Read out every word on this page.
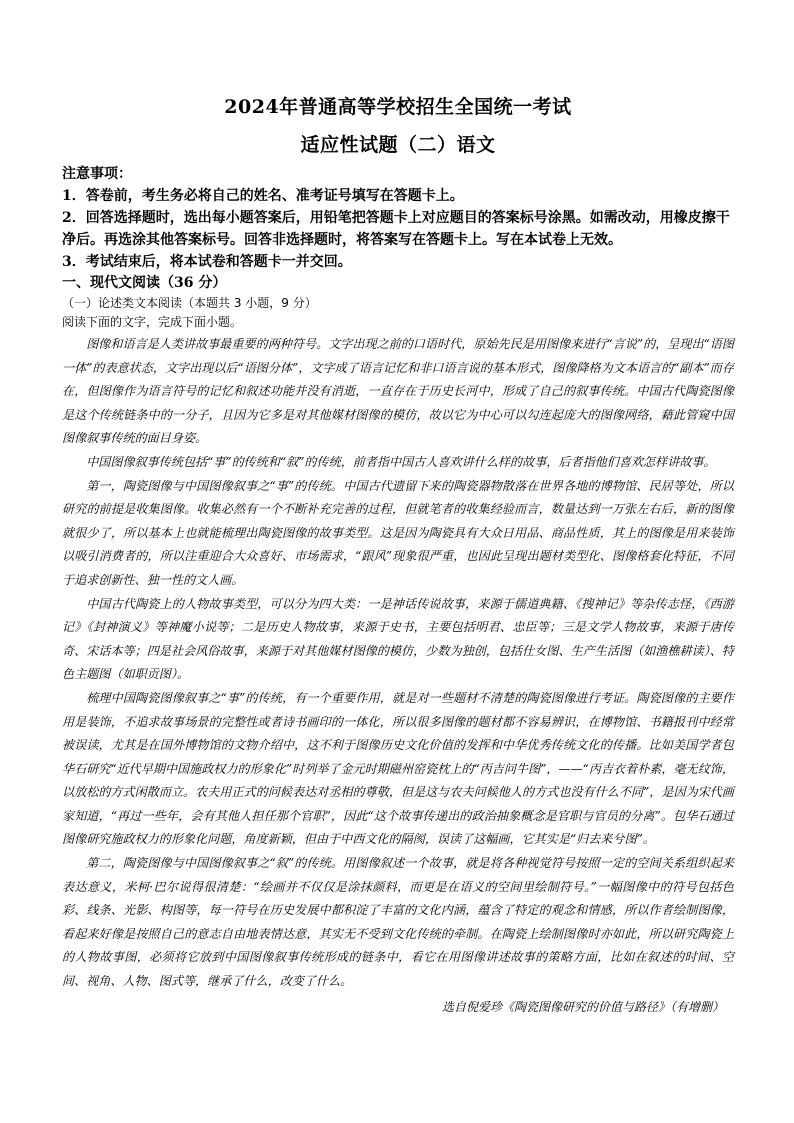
2024年普通高等学校招生全国统一考试
适应性试题（二）语文

注意事项：

1．答卷前，考生务必将自己的姓名、准考证号填写在答题卡上。

2．回答选择题时，选出每小题答案后，用铅笔把答题卡上对应题目的答案标号涂黑。如需改动，用橡皮擦干净后。再选涂其他答案标号。回答非选择题时，将答案写在答题卡上。写在本试卷上无效。

3．考试结束后，将本试卷和答题卡一并交回。

一、现代文阅读（36 分）

（一）论述类文本阅读（本题共 3 小题，9 分）

阅读下面的文字，完成下面小题。

图像和语言是人类讲故事最重要的两种符号。文字出现之前的口语时代，原始先民是用图像来进行“言说”的，呈现出“语图一体”的表意状态，文字出现以后“语图分体”，文字成了语言记忆和非口语言说的基本形式，图像降格为文本语言的“副本”而存在，但图像作为语言符号的记忆和叙述功能并没有消逝，一直存在于历史长河中，形成了自己的叙事传统。中国古代陶瓷图像是这个传统链条中的一分子，且因为它多是对其他媒材图像的模仿，故以它为中心可以勾连起庞大的图像网络，藉此管窥中国图像叙事传统的面目身姿。

中国图像叙事传统包括“事”的传统和“叙”的传统，前者指中国古人喜欢讲什么样的故事，后者指他们喜欢怎样讲故事。

第一，陶瓷图像与中国图像叙事之“事”的传统。中国古代遗留下来的陶瓷器物散落在世界各地的博物馆、民居等处，所以研究的前提是收集图像。收集必然有一个不断补充完善的过程，但就笔者的收集经验而言，数量达到一万张左右后，新的图像就很少了，所以基本上也就能梳理出陶瓷图像的故事类型。这是因为陶瓷具有大众日用品、商品性质，其上的图像是用来装饰以吸引消费者的，所以注重迎合大众喜好、市场需求，“跟风”现象很严重，也因此呈现出题材类型化、图像格套化特征，不同于追求创新性、独一性的文人画。

中国古代陶瓷上的人物故事类型，可以分为四大类：一是神话传说故事，来源于儒道典籍、《搜神记》等杂传志怪，《西游记》《封神演义》等神魔小说等；二是历史人物故事，来源于史书，主要包括明君、忠臣等；三是文学人物故事，来源于唐传奇、宋话本等；四是社会风俗故事，来源于对其他媒材图像的模仿，少数为独创，包括仕女图、生产生活图（如渔樵耕读）、特色主题图（如职贡图）。

梳理中国陶瓷图像叙事之“事”的传统，有一个重要作用，就是对一些题材不清楚的陶瓷图像进行考证。陶瓷图像的主要作用是装饰，不追求故事场景的完整性或者诗书画印的一体化，所以很多图像的题材都不容易辨识，在博物馆、书籍报刊中经常被误读，尤其是在国外博物馆的文物介绍中，这不利于图像历史文化价值的发挥和中华优秀传统文化的传播。比如美国学者包华石研究“近代早期中国施政权力的形象化”时列举了金元时期磁州窑瓷枕上的“丙吉问牛图”，——“丙吉衣着朴素，毫无纹饰，以放松的方式闲散而立。农夫用正式的问候表达对丞相的尊敬，但是这与农夫问候他人的方式也没有什么不同”，是因为宋代画家知道，“再过一些年，会有其他人担任那个官职”，因此“这个故事传递出的政治抽象概念是官职与官员的分离”。包华石通过图像研究施政权力的形象化问题，角度新颖，但由于中西文化的隔阂，误读了这幅画，它其实是“归去来兮图”。

第二，陶瓷图像与中国图像叙事之“叙”的传统。用图像叙述一个故事，就是将各种视觉符号按照一定的空间关系组织起来表达意义，米柯·巴尔说得很清楚：“绘画并不仅仅是涂抹颜料，而更是在语义的空间里绘制符号。”一幅图像中的符号包括色彩、线条、光影、构图等，每一符号在历史发展中都积淀了丰富的文化内涵，蕴含了特定的观念和情感，所以作者绘制图像，看起来好像是按照自己的意志自由地表情达意，其实无不受到文化传统的牵制。在陶瓷上绘制图像时亦如此，所以研究陶瓷上的人物故事图，必须将它放到中国图像叙事传统形成的链条中，看它在用图像讲述故事的策略方面，比如在叙述的时间、空间、视角、人物、图式等，继承了什么，改变了什么。

选自倪爱珍《陶瓷图像研究的价值与路径》（有增删）
